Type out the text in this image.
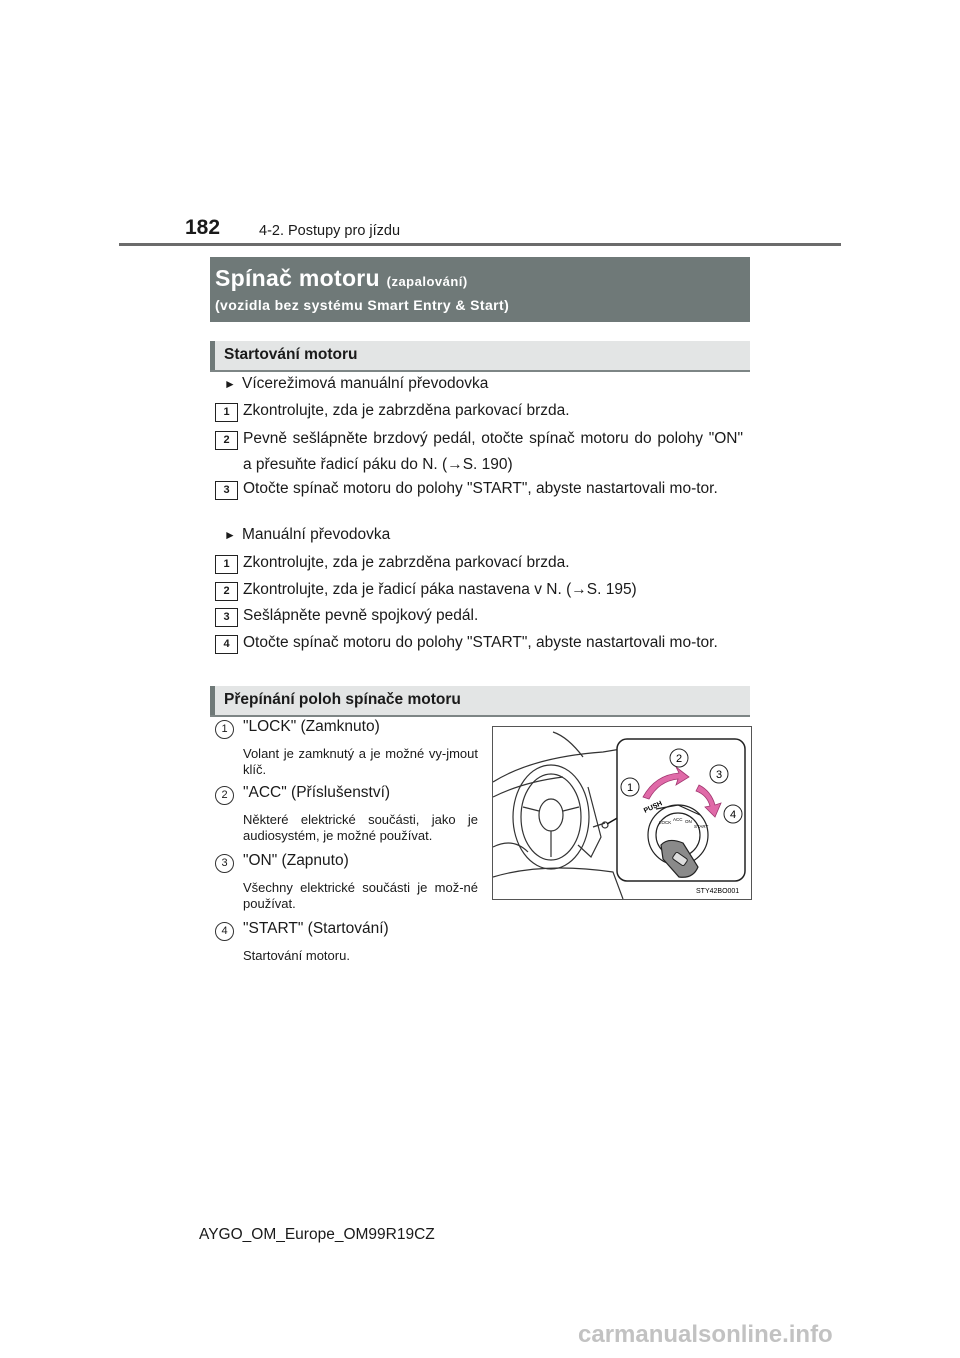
182	4-2. Postupy pro jízdu
Spínač motoru (zapalování)
(vozidla bez systému Smart Entry & Start)
Startování motoru
► Vícerežimová manuální převodovka
1 Zkontrolujte, zda je zabrzděna parkovací brzda.
2 Pevně sešlápněte brzdový pedál, otočte spínač motoru do polohy "ON" a přesuňte řadicí páku do N. (→S. 190)
3 Otočte spínač motoru do polohy "START", abyste nastartovali mo-tor.
► Manuální převodovka
1 Zkontrolujte, zda je zabrzděna parkovací brzda.
2 Zkontrolujte, zda je řadicí páka nastavena v N. (→S. 195)
3 Sešlápněte pevně spojkový pedál.
4 Otočte spínač motoru do polohy "START", abyste nastartovali mo-tor.
Přepínání poloh spínače motoru
1 "LOCK" (Zamknuto)
Volant je zamknutý a je možné vy-jmout klíč.
2 "ACC" (Příslušenství)
Některé elektrické součásti, jako je audiosystém, je možné používat.
3 "ON" (Zapnuto)
Všechny elektrické součásti je mož-né používat.
4 "START" (Startování)
Startování motoru.
PUSH
LOCK
ACC ON
START
1
2
3
4
STY42BO001
AYGO_OM_Europe_OM99R19CZ
carmanualsonline.info
